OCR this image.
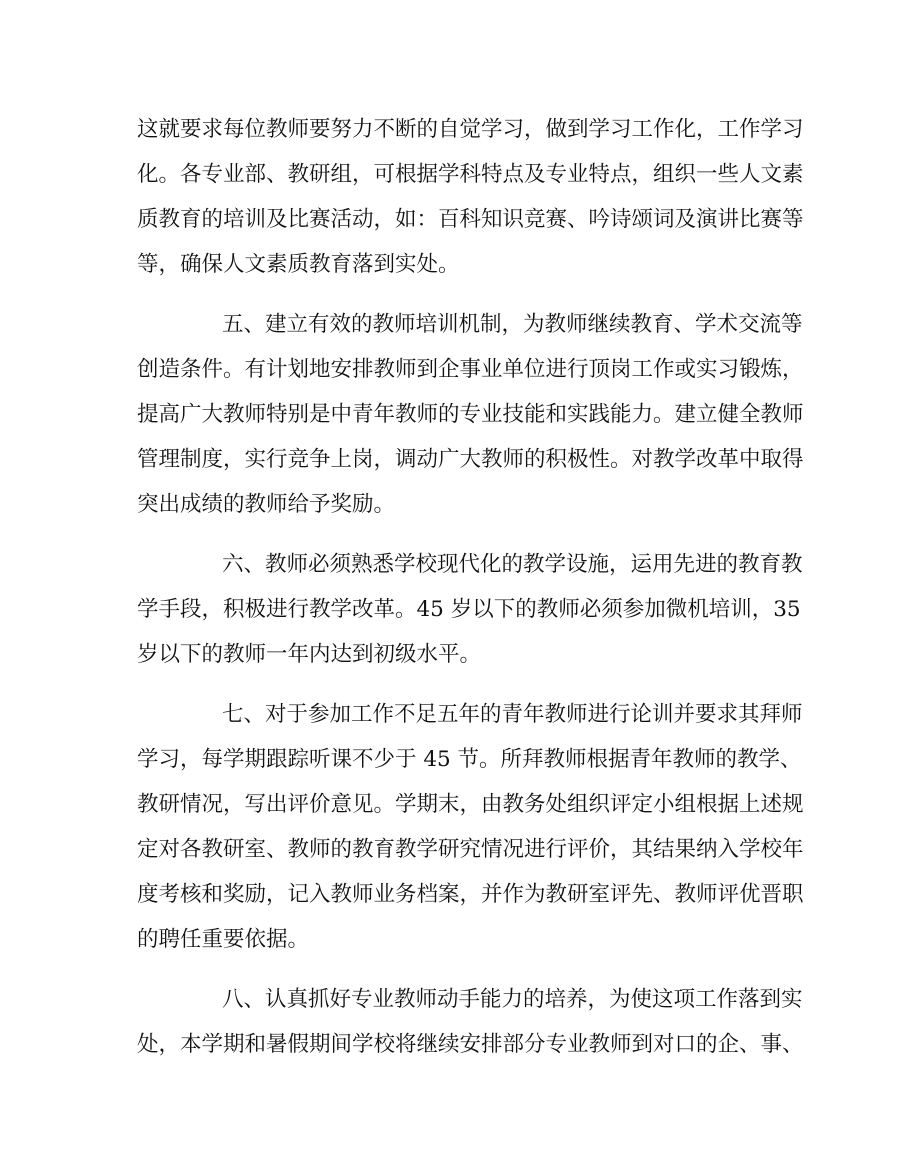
这就要求每位教师要努力不断的自觉学习，做到学习工作化，工作学习
化。各专业部、教研组，可根据学科特点及专业特点，组织一些人文素
质教育的培训及比赛活动，如：百科知识竞赛、吟诗颂词及演讲比赛等
等，确保人文素质教育落到实处。
五、建立有效的教师培训机制，为教师继续教育、学术交流等
创造条件。有计划地安排教师到企事业单位进行顶岗工作或实习锻炼，
提高广大教师特别是中青年教师的专业技能和实践能力。建立健全教师
管理制度，实行竞争上岗，调动广大教师的积极性。对教学改革中取得
突出成绩的教师给予奖励。
六、教师必须熟悉学校现代化的教学设施，运用先进的教育教
学手段，积极进行教学改革。45 岁以下的教师必须参加微机培训，35
岁以下的教师一年内达到初级水平。
七、对于参加工作不足五年的青年教师进行论训并要求其拜师
学习，每学期跟踪听课不少于 45 节。所拜教师根据青年教师的教学、
教研情况，写出评价意见。学期末，由教务处组织评定小组根据上述规
定对各教研室、教师的教育教学研究情况进行评价，其结果纳入学校年
度考核和奖励，记入教师业务档案，并作为教研室评先、教师评优晋职
的聘任重要依据。
八、认真抓好专业教师动手能力的培养，为使这项工作落到实
处，本学期和暑假期间学校将继续安排部分专业教师到对口的企、事、
